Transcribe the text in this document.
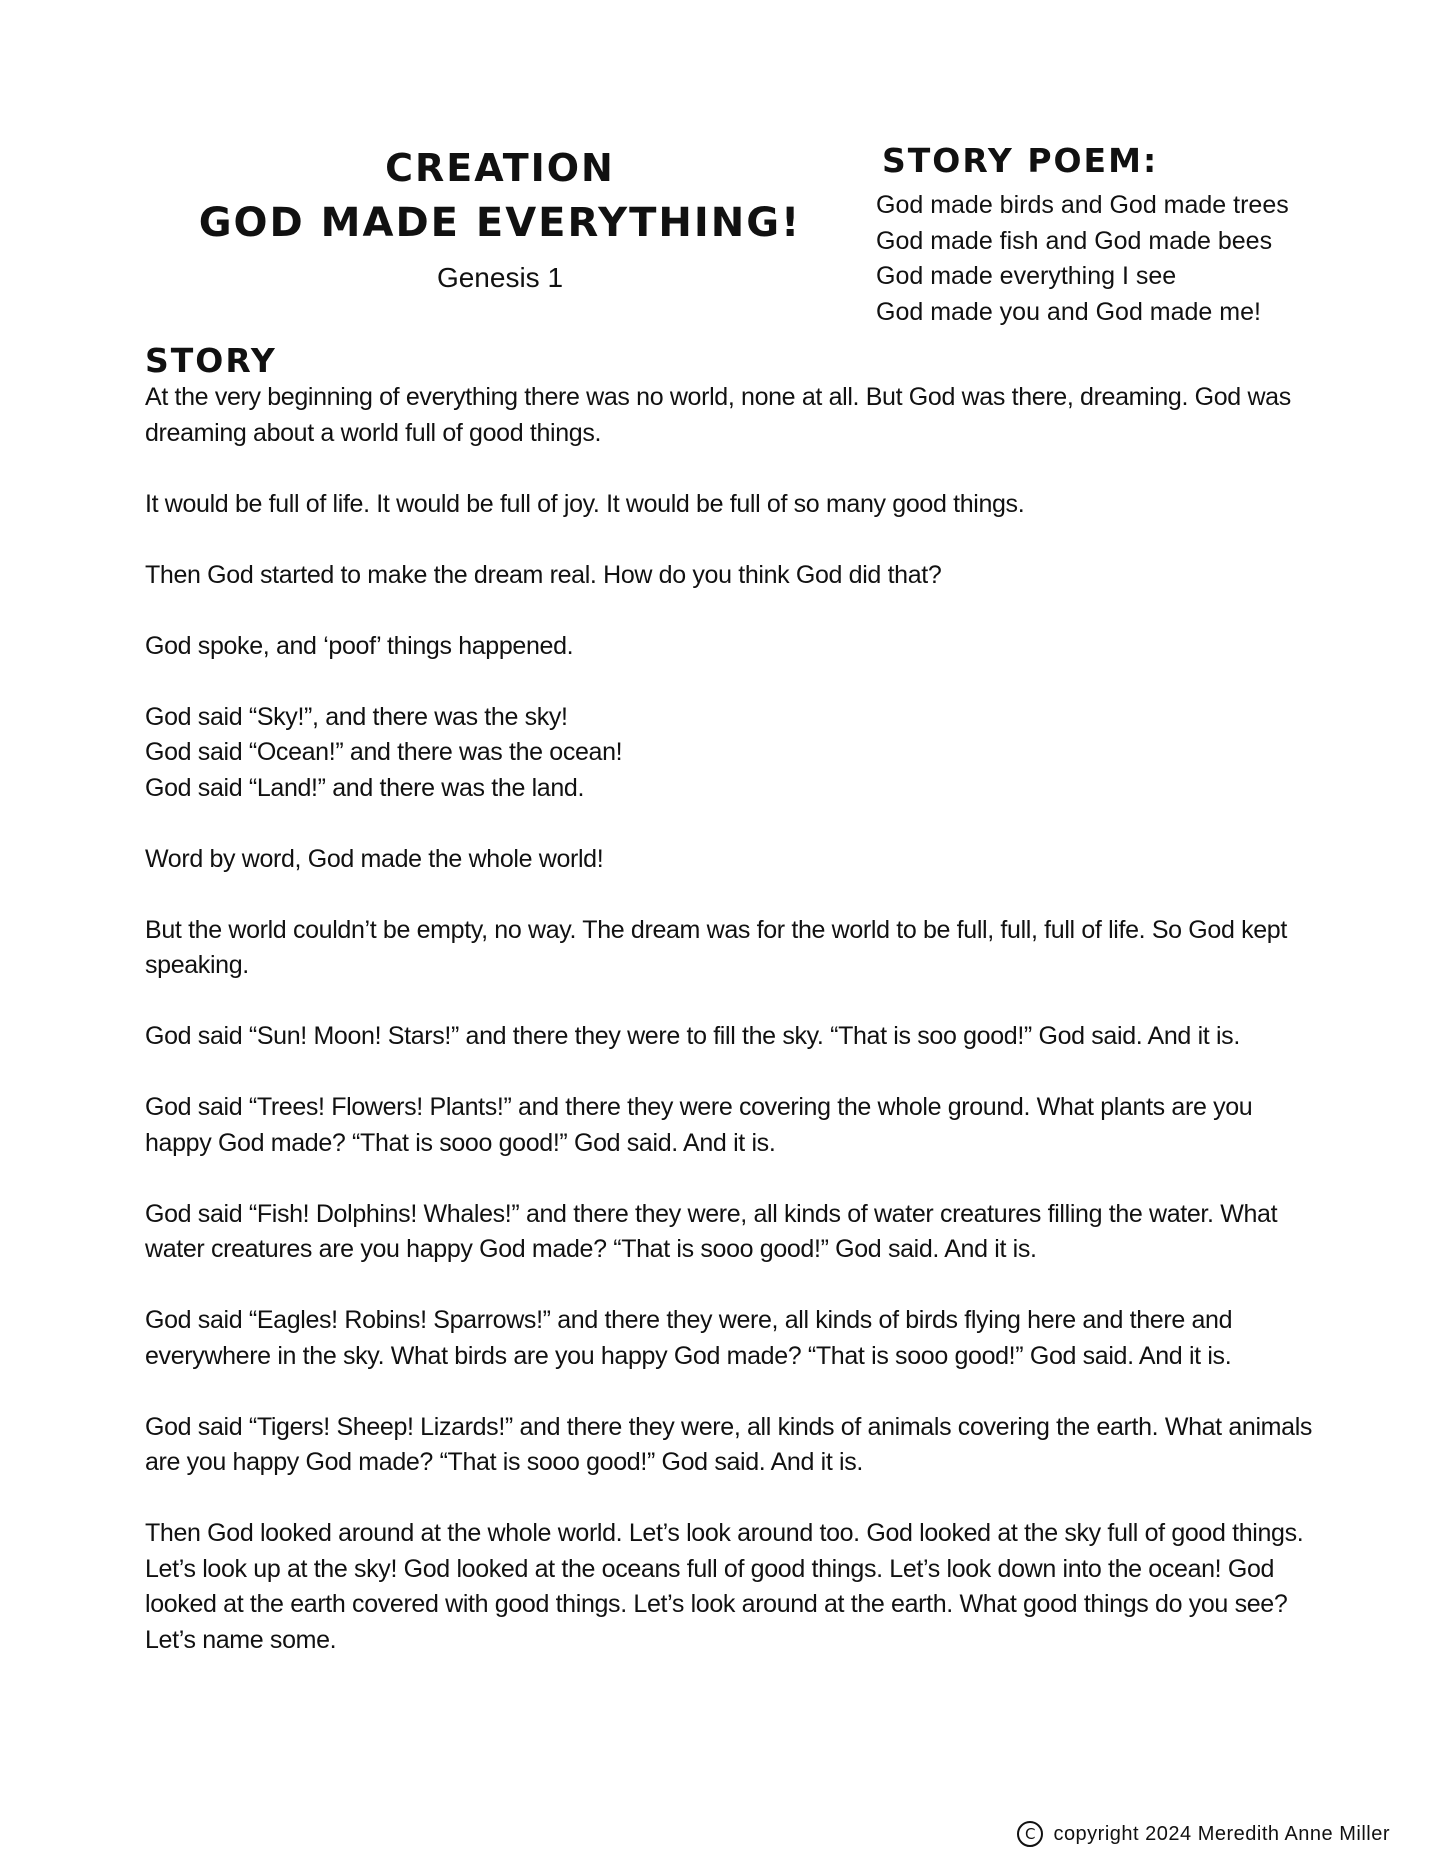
CREATION
GOD MADE EVERYTHING!
Genesis 1
STORY POEM:
God made birds and God made trees
God made fish and God made bees
God made everything I see
God made you and God made me!
STORY

At the very beginning of everything there was no world, none at all. But God was there, dreaming. God was dreaming about a world full of good things.

It would be full of life. It would be full of joy. It would be full of so many good things.

Then God started to make the dream real. How do you think God did that?

God spoke, and ‘poof’ things happened.

God said “Sky!”, and there was the sky!
God said “Ocean!” and there was the ocean!
God said “Land!” and there was the land.

Word by word, God made the whole world!

But the world couldn’t be empty, no way. The dream was for the world to be full, full, full of life. So God kept speaking.

God said “Sun! Moon! Stars!” and there they were to fill the sky. “That is soo good!” God said. And it is.

God said “Trees! Flowers! Plants!” and there they were covering the whole ground. What plants are you happy God made? “That is sooo good!” God said. And it is.

God said “Fish! Dolphins! Whales!” and there they were, all kinds of water creatures filling the water. What water creatures are you happy God made? “That is sooo good!” God said. And it is.

God said “Eagles! Robins! Sparrows!” and there they were, all kinds of birds flying here and there and everywhere in the sky. What birds are you happy God made? “That is sooo good!” God said. And it is.

God said “Tigers! Sheep! Lizards!” and there they were, all kinds of animals covering the earth. What animals are you happy God made? “That is sooo good!” God said. And it is.

Then God looked around at the whole world. Let’s look around too. God looked at the sky full of good things. Let’s look up at the sky! God looked at the oceans full of good things. Let’s look down into the ocean! God looked at the earth covered with good things. Let’s look around at the earth. What good things do you see? Let’s name some.

C copyright 2024 Meredith Anne Miller
